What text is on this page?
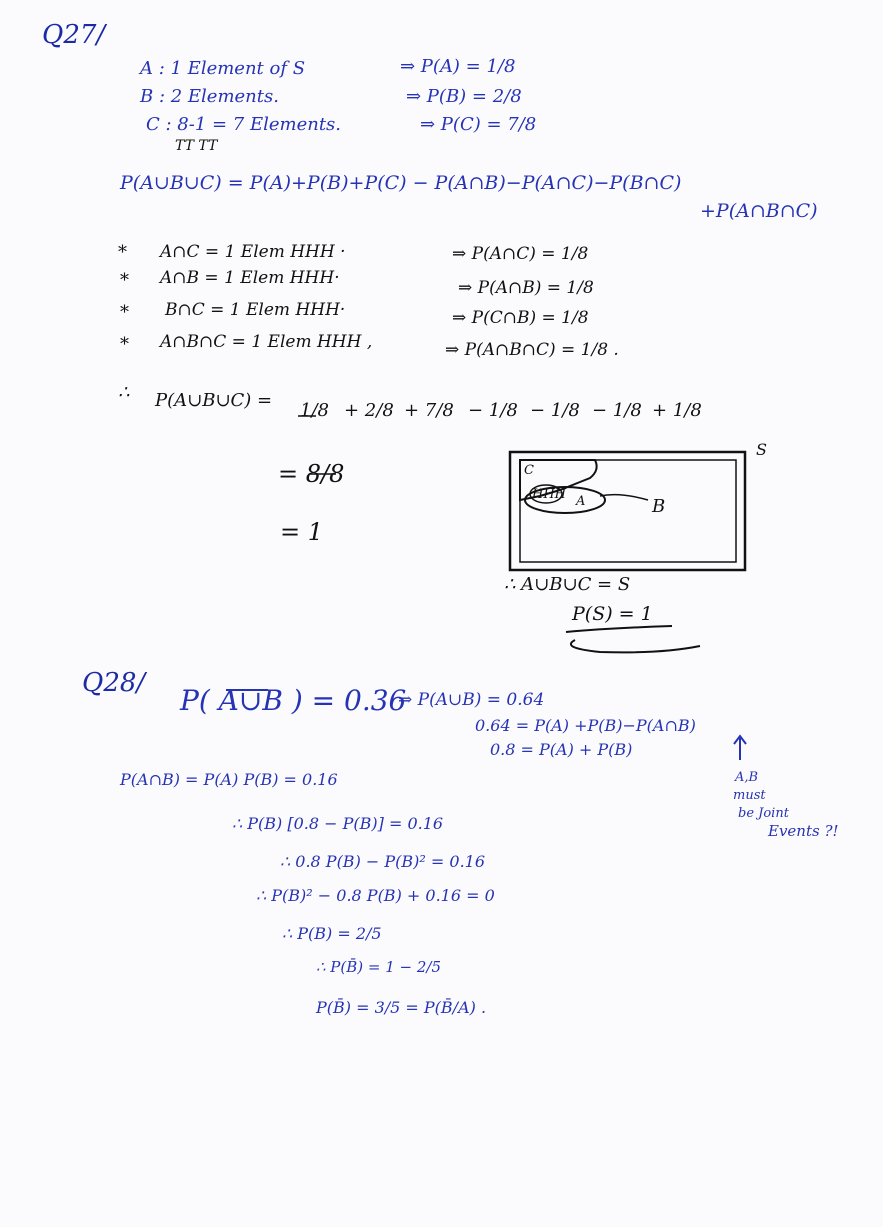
Q27/
A : 1 Element of S	⇒ P(A) = 1/8
B : 2 Elements.	⇒ P(B) = 2/8
C : 8-1 = 7 Elements.	⇒ P(C) = 7/8
TT TT
P(A∪B∪C) = P(A)+P(B)+P(C) − P(A∩B)−P(A∩C)−P(B∩C)
+P(A∩B∩C)
* A∩C = 1 Elem HHH ·	⇒ P(A∩C) = 1/8
* A∩B = 1 Elem HHH·	⇒ P(A∩B) = 1/8
* B∩C = 1 Elem HHH·	⇒ P(C∩B) = 1/8
* A∩B∩C = 1 Elem HHH ,	⇒ P(A∩B∩C) = 1/8 .
∴ P(A∪B∪C) = 1/8 + 2/8 + 7/8 − 1/8 − 1/8 − 1/8 + 1/8
= 8/8
= 1
S
C
HHH A	B
∴ A∪B∪C = S
P(S) = 1
Q28/
P( A∪B ) = 0.36
⇒ P(A∪B) = 0.64
0.64 = P(A) +P(B)−P(A∩B)
0.8 = P(A) + P(B)
P(A∩B) = P(A) P(B) = 0.16	A,B
must
be Joint
Events ?!
∴ P(B) [0.8 − P(B)] = 0.16
∴ 0.8 P(B) − P(B)² = 0.16
∴ P(B)² − 0.8 P(B) + 0.16 = 0
∴ P(B) = 2/5
∴ P(B̄) = 1 − 2/5
P(B̄) = 3/5 = P(B̄/A) .
